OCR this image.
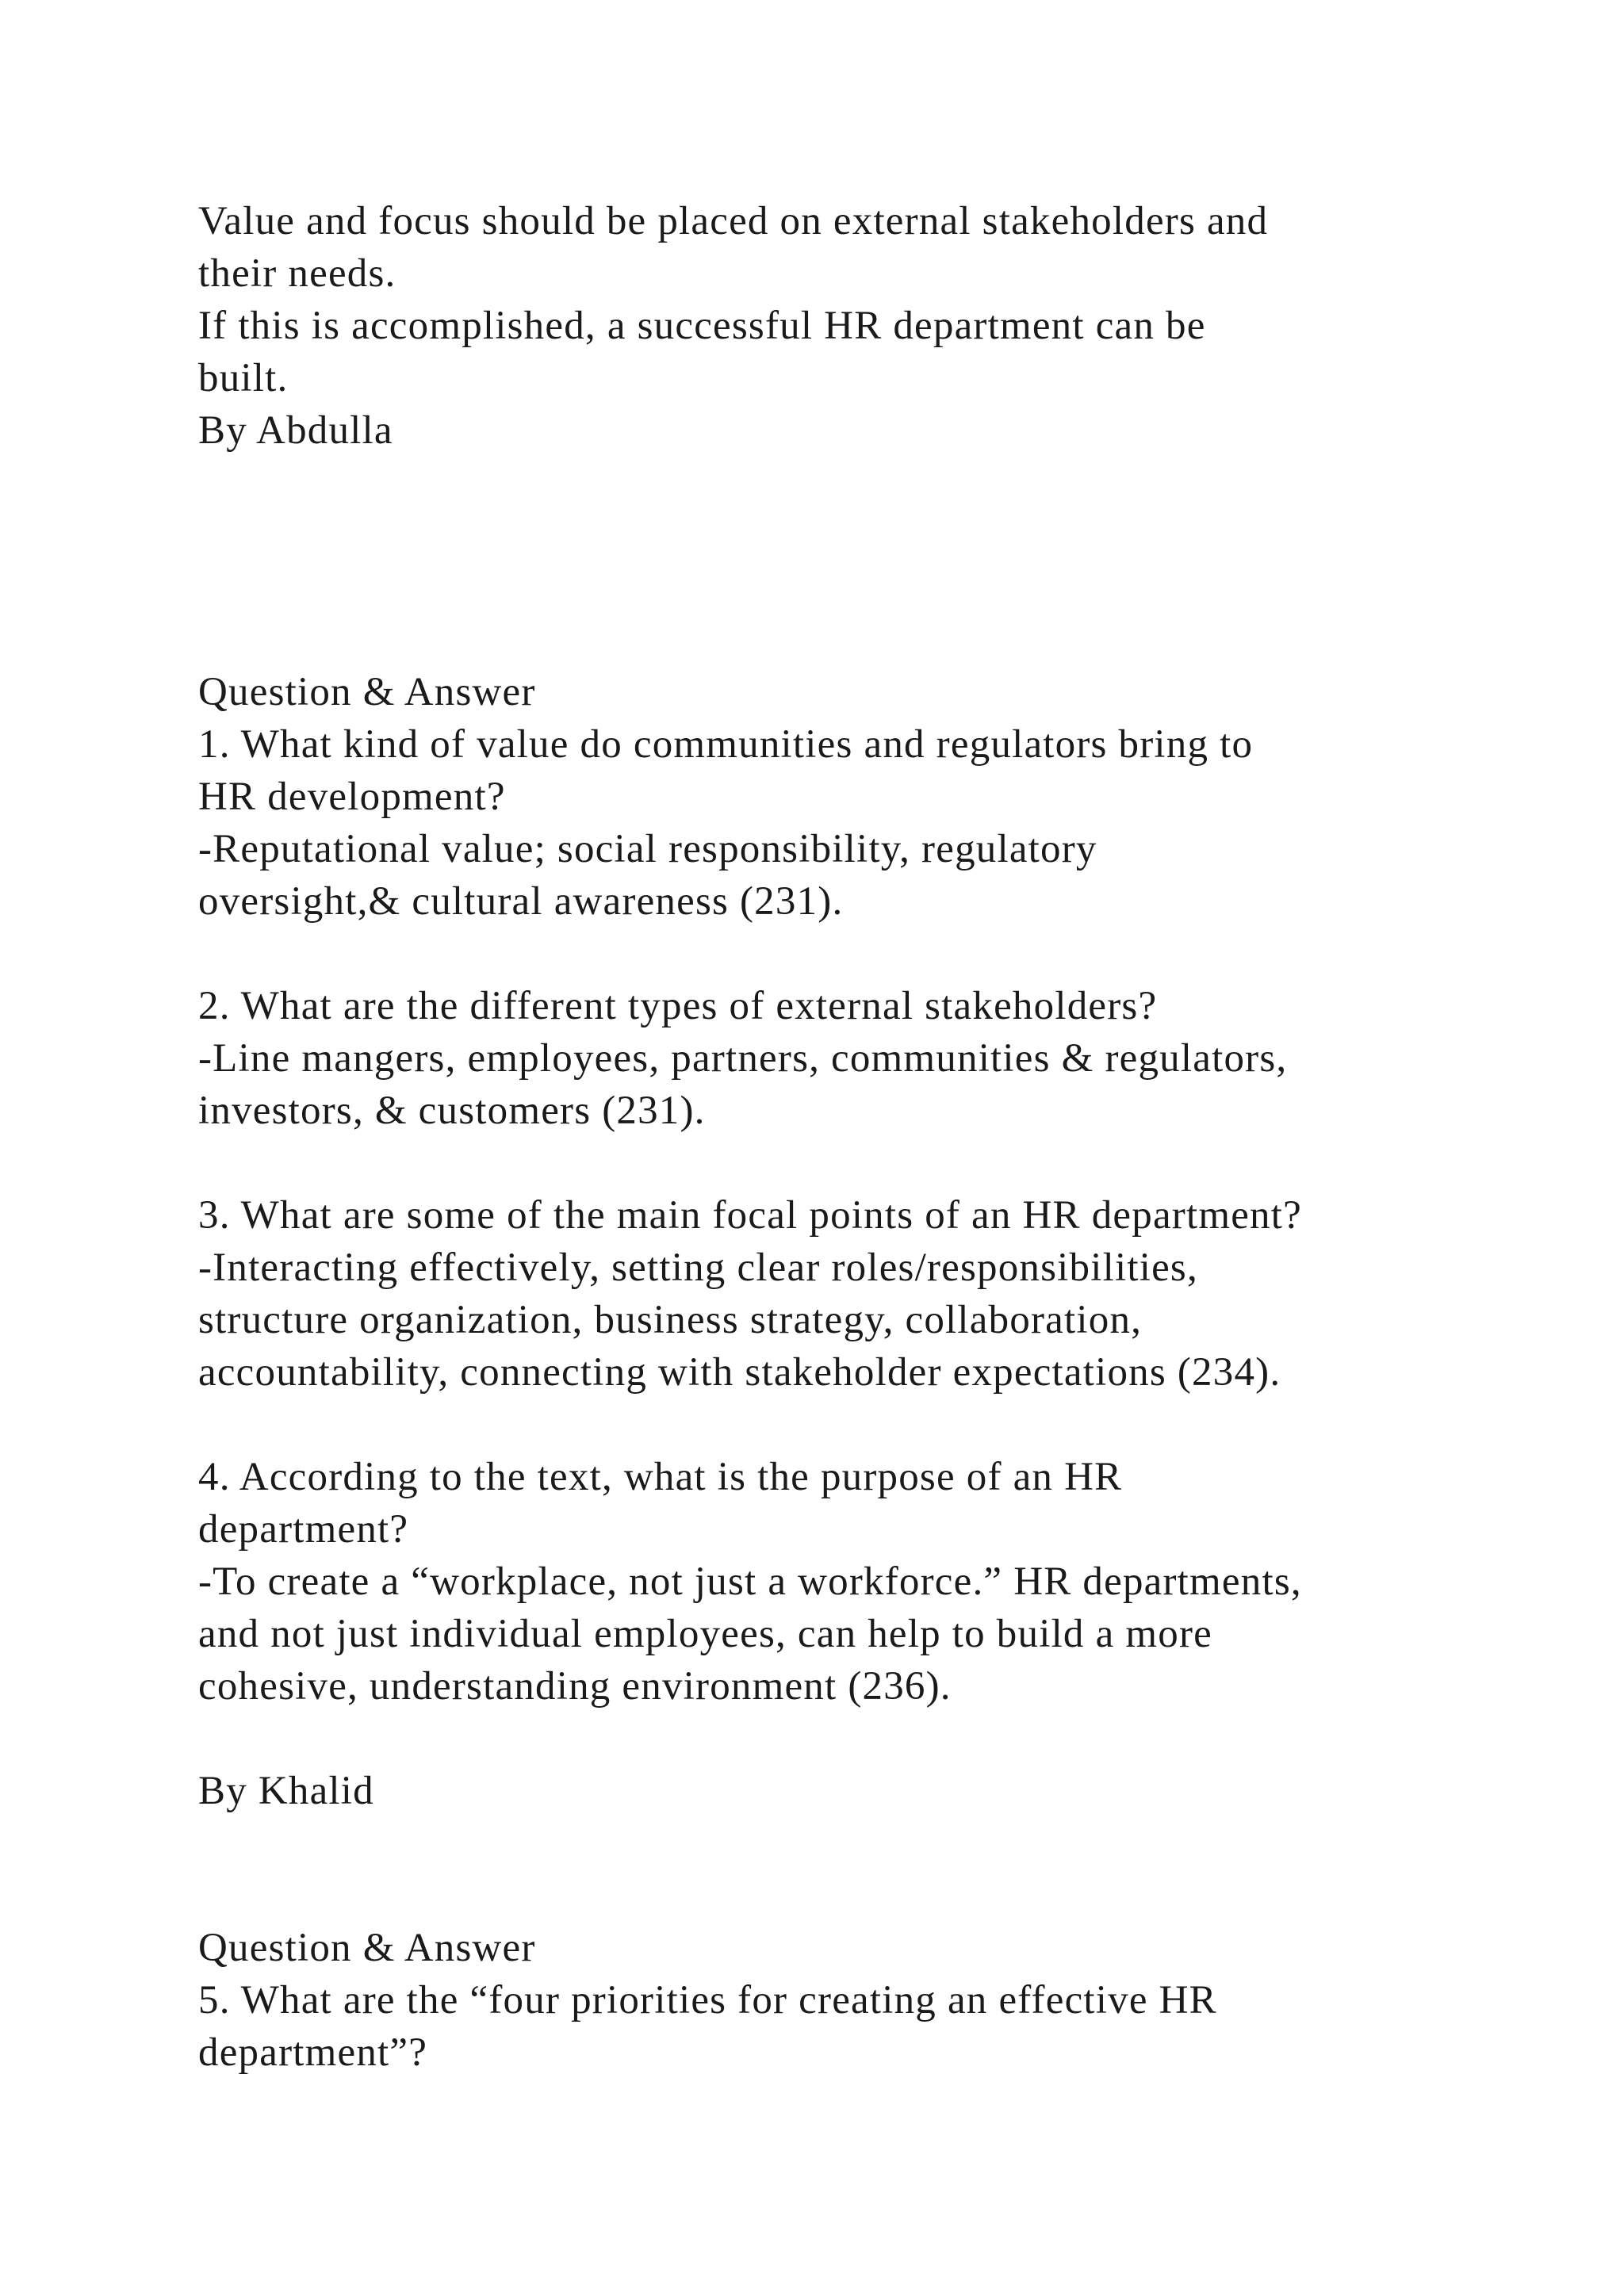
Value and focus should be placed on external stakeholders and
their needs.
If this is accomplished, a successful HR department can be
built.
By Abdulla
Question & Answer
1. What kind of value do communities and regulators bring to
HR development?
-Reputational value; social responsibility, regulatory
oversight,& cultural awareness (231).
2. What are the different types of external stakeholders?
-Line mangers, employees, partners, communities & regulators,
investors, & customers (231).
3. What are some of the main focal points of an HR department?
-Interacting effectively, setting clear roles/responsibilities,
structure organization, business strategy, collaboration,
accountability, connecting with stakeholder expectations (234).
4. According to the text, what is the purpose of an HR
department?
-To create a “workplace, not just a workforce.” HR departments,
and not just individual employees, can help to build a more
cohesive, understanding environment (236).
By Khalid
Question & Answer
5. What are the “four priorities for creating an effective HR
department”?
